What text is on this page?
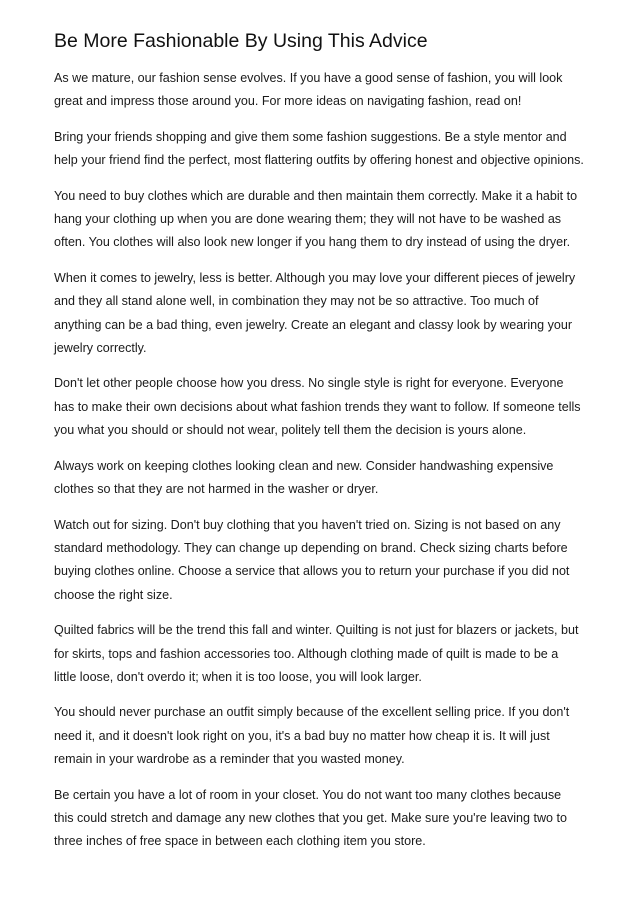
Be More Fashionable By Using This Advice

As we mature, our fashion sense evolves. If you have a good sense of fashion, you will look great and impress those around you. For more ideas on navigating fashion, read on!

Bring your friends shopping and give them some fashion suggestions. Be a style mentor and help your friend find the perfect, most flattering outfits by offering honest and objective opinions.

You need to buy clothes which are durable and then maintain them correctly. Make it a habit to hang your clothing up when you are done wearing them; they will not have to be washed as often. You clothes will also look new longer if you hang them to dry instead of using the dryer.

When it comes to jewelry, less is better. Although you may love your different pieces of jewelry and they all stand alone well, in combination they may not be so attractive. Too much of anything can be a bad thing, even jewelry. Create an elegant and classy look by wearing your jewelry correctly.

Don't let other people choose how you dress. No single style is right for everyone. Everyone has to make their own decisions about what fashion trends they want to follow. If someone tells you what you should or should not wear, politely tell them the decision is yours alone.

Always work on keeping clothes looking clean and new. Consider handwashing expensive clothes so that they are not harmed in the washer or dryer.

Watch out for sizing. Don't buy clothing that you haven't tried on. Sizing is not based on any standard methodology. They can change up depending on brand. Check sizing charts before buying clothes online. Choose a service that allows you to return your purchase if you did not choose the right size.

Quilted fabrics will be the trend this fall and winter. Quilting is not just for blazers or jackets, but for skirts, tops and fashion accessories too. Although clothing made of quilt is made to be a little loose, don't overdo it; when it is too loose, you will look larger.

You should never purchase an outfit simply because of the excellent selling price. If you don't need it, and it doesn't look right on you, it's a bad buy no matter how cheap it is. It will just remain in your wardrobe as a reminder that you wasted money.

Be certain you have a lot of room in your closet. You do not want too many clothes because this could stretch and damage any new clothes that you get. Make sure you're leaving two to three inches of free space in between each clothing item you store.
